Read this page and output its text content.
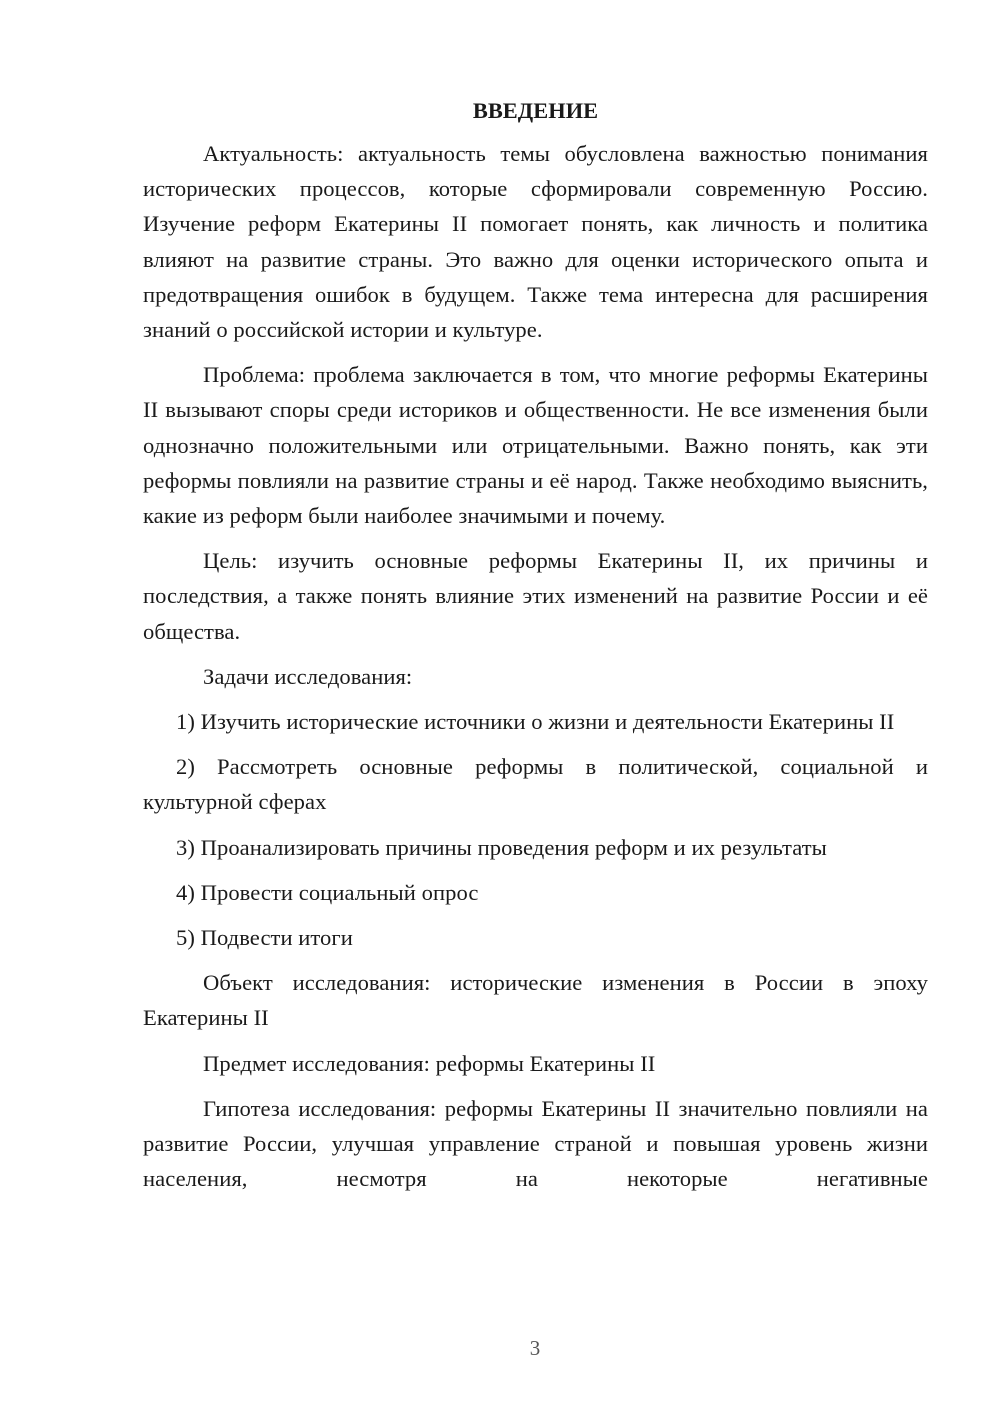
ВВЕДЕНИЕ

Актуальность: актуальность темы обусловлена важностью понимания исторических процессов, которые сформировали современную Россию. Изучение реформ Екатерины II помогает понять, как личность и политика влияют на развитие страны. Это важно для оценки исторического опыта и предотвращения ошибок в будущем. Также тема интересна для расширения знаний о российской истории и культуре.

Проблема: проблема заключается в том, что многие реформы Екатерины II вызывают споры среди историков и общественности. Не все изменения были однозначно положительными или отрицательными. Важно понять, как эти реформы повлияли на развитие страны и её народ. Также необходимо выяснить, какие из реформ были наиболее значимыми и почему.

Цель: изучить основные реформы Екатерины II, их причины и последствия, а также понять влияние этих изменений на развитие России и её общества.

Задачи исследования:

1) Изучить исторические источники о жизни и деятельности Екатерины II

2) Рассмотреть основные реформы в политической, социальной и культурной сферах

3) Проанализировать причины проведения реформ и их результаты

4) Провести социальный опрос

5) Подвести итоги

Объект исследования: исторические изменения в России в эпоху Екатерины II

Предмет исследования: реформы Екатерины II

Гипотеза исследования: реформы Екатерины II значительно повлияли на развитие России, улучшая управление страной и повышая уровень жизни населения, несмотря на некоторые негативные

3
